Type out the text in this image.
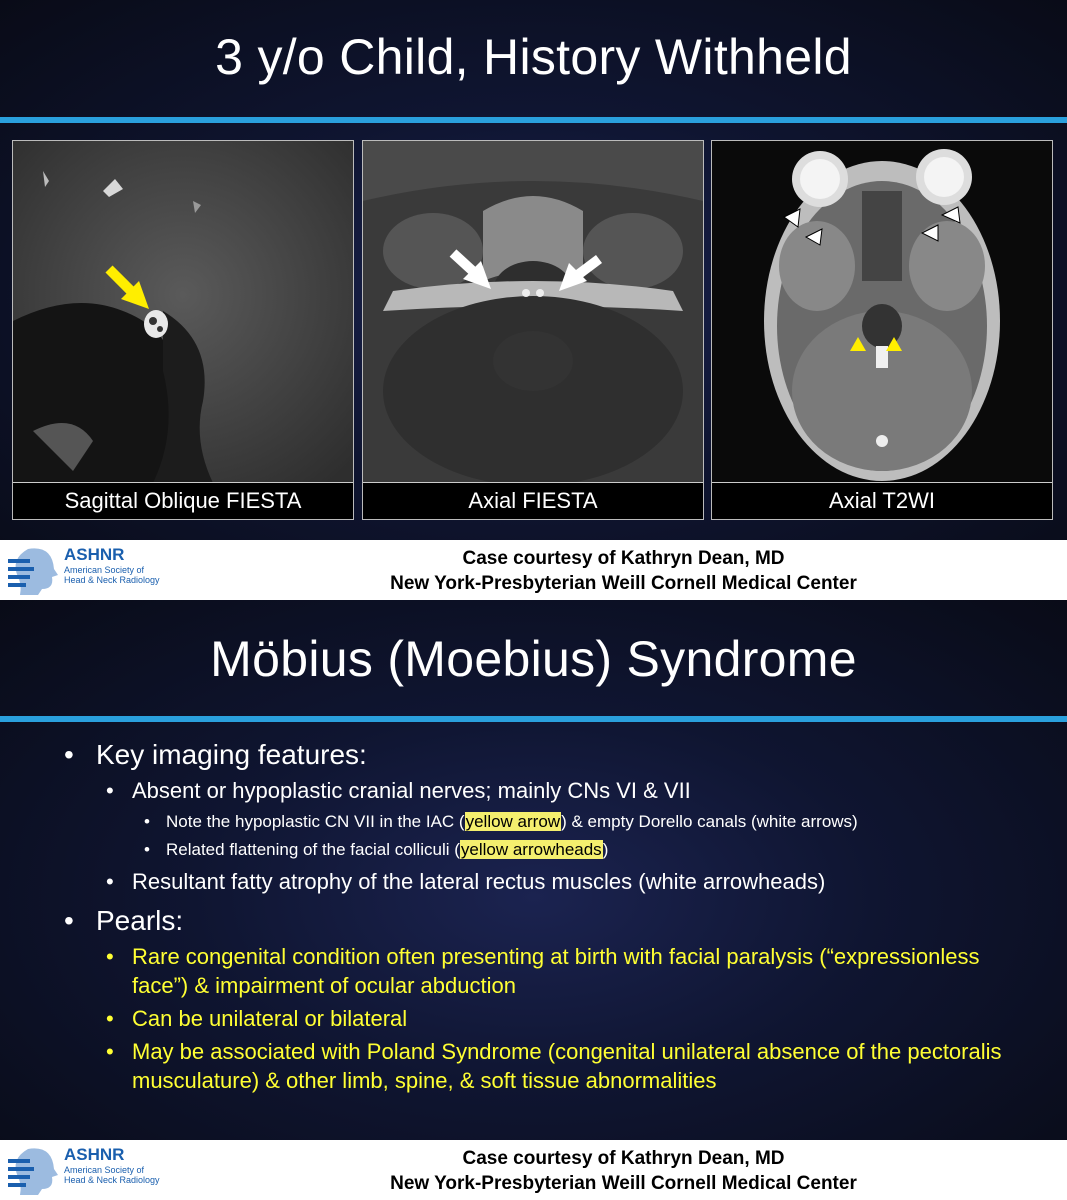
3 y/o Child, History Withheld
Sagittal Oblique FIESTA	Axial FIESTA	Axial T2WI
ASHNR
American Society of Head & Neck Radiology
Case courtesy of Kathryn Dean, MD
New York-Presbyterian Weill Cornell Medical Center
Möbius (Moebius) Syndrome
• Key imaging features:
• Absent or hypoplastic cranial nerves; mainly CNs VI & VII
• Note the hypoplastic CN VII in the IAC (yellow arrow) & empty Dorello canals (white arrows)
• Related flattening of the facial colliculi (yellow arrowheads)
• Resultant fatty atrophy of the lateral rectus muscles (white arrowheads)
• Pearls:
• Rare congenital condition often presenting at birth with facial paralysis (“expressionless face”) & impairment of ocular abduction
• Can be unilateral or bilateral
• May be associated with Poland Syndrome (congenital unilateral absence of the pectoralis musculature) & other limb, spine, & soft tissue abnormalities
ASHNR
American Society of Head & Neck Radiology
Case courtesy of Kathryn Dean, MD
New York-Presbyterian Weill Cornell Medical Center
